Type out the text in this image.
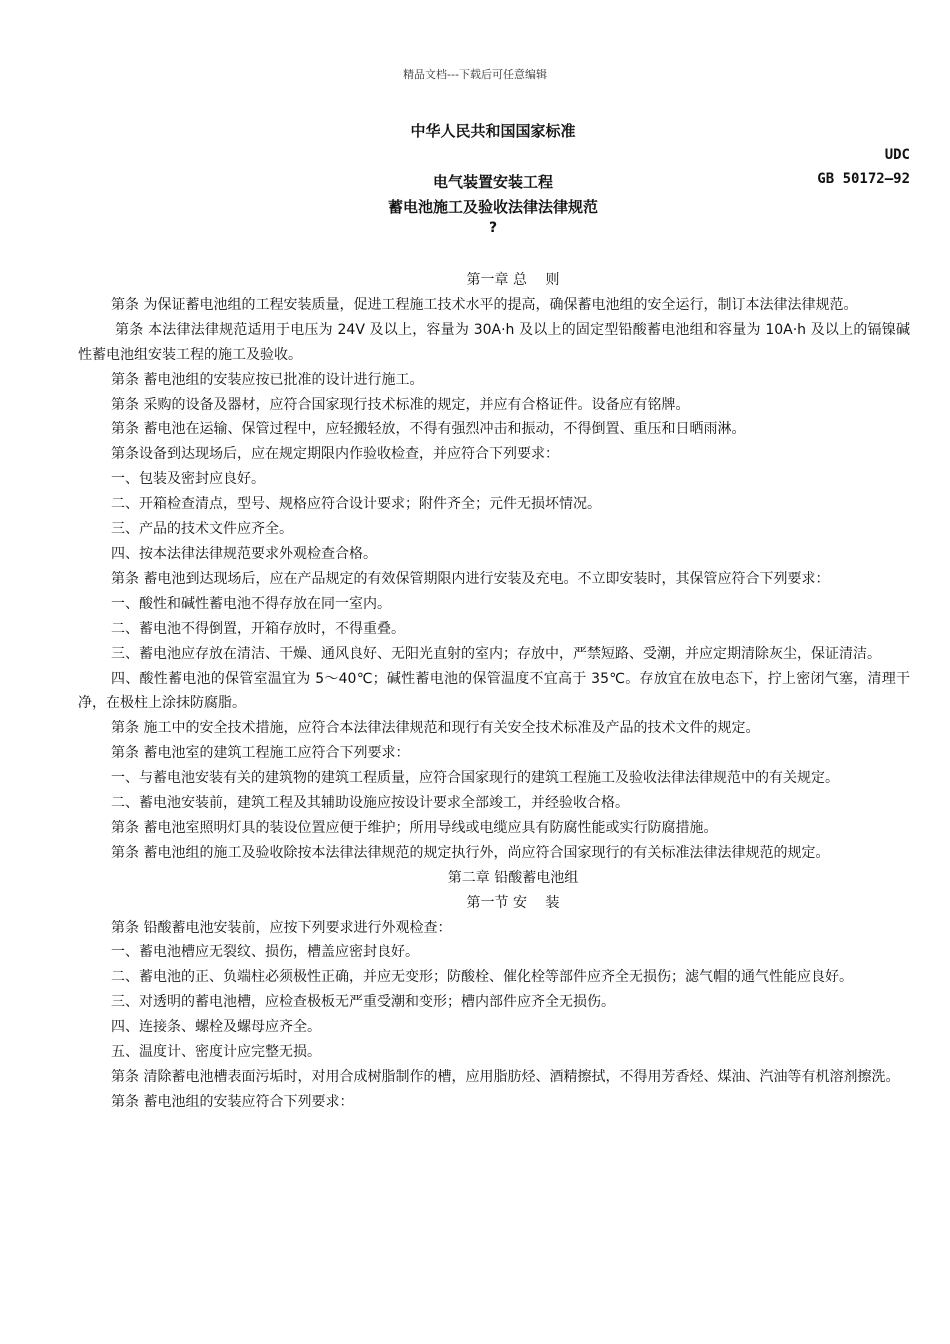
精品文档---下载后可任意编辑
中华人民共和国国家标准
UDC
电气装置安装工程	GB 50172—92
蓄电池施工及验收法律法律规范
?

第一章 总　 则

第条 为保证蓄电池组的工程安装质量，促进工程施工技术水平的提高，确保蓄电池组的安全运行，制订本法律法律规范。

第条 本法律法律规范适用于电压为 24V 及以上，容量为 30A·h 及以上的固定型铅酸蓄电池组和容量为 10A·h 及以上的镉镍碱性蓄电池组安装工程的施工及验收。

第条 蓄电池组的安装应按已批准的设计进行施工。

第条 采购的设备及器材，应符合国家现行技术标准的规定，并应有合格证件。设备应有铭牌。

第条 蓄电池在运输、保管过程中，应轻搬轻放，不得有强烈冲击和振动，不得倒置、重压和日晒雨淋。

第条设备到达现场后，应在规定期限内作验收检查，并应符合下列要求：

一、包装及密封应良好。

二、开箱检查清点，型号、规格应符合设计要求；附件齐全；元件无损坏情况。

三、产品的技术文件应齐全。

四、按本法律法律规范要求外观检查合格。

第条 蓄电池到达现场后，应在产品规定的有效保管期限内进行安装及充电。不立即安装时，其保管应符合下列要求：

一、酸性和碱性蓄电池不得存放在同一室内。

二、蓄电池不得倒置，开箱存放时，不得重叠。

三、蓄电池应存放在清洁、干燥、通风良好、无阳光直射的室内；存放中，严禁短路、受潮，并应定期清除灰尘，保证清洁。

四、酸性蓄电池的保管室温宜为 5～40℃；碱性蓄电池的保管温度不宜高于 35℃。存放宜在放电态下，拧上密闭气塞，清理干净，在极柱上涂抹防腐脂。

第条 施工中的安全技术措施，应符合本法律法律规范和现行有关安全技术标准及产品的技术文件的规定。

第条 蓄电池室的建筑工程施工应符合下列要求：

一、与蓄电池安装有关的建筑物的建筑工程质量，应符合国家现行的建筑工程施工及验收法律法律规范中的有关规定。

二、蓄电池安装前，建筑工程及其辅助设施应按设计要求全部竣工，并经验收合格。

第条 蓄电池室照明灯具的装设位置应便于维护；所用导线或电缆应具有防腐性能或实行防腐措施。

第条 蓄电池组的施工及验收除按本法律法律规范的规定执行外，尚应符合国家现行的有关标准法律法律规范的规定。

第二章 铅酸蓄电池组

第一节 安　 装

第条 铅酸蓄电池安装前，应按下列要求进行外观检查：

一、蓄电池槽应无裂纹、损伤，槽盖应密封良好。

二、蓄电池的正、负端柱必须极性正确，并应无变形；防酸栓、催化栓等部件应齐全无损伤；滤气帽的通气性能应良好。

三、对透明的蓄电池槽，应检查极板无严重受潮和变形；槽内部件应齐全无损伤。

四、连接条、螺栓及螺母应齐全。

五、温度计、密度计应完整无损。

第条 清除蓄电池槽表面污垢时，对用合成树脂制作的槽，应用脂肪烃、酒精擦拭，不得用芳香烃、煤油、汽油等有机溶剂擦洗。

第条 蓄电池组的安装应符合下列要求：
